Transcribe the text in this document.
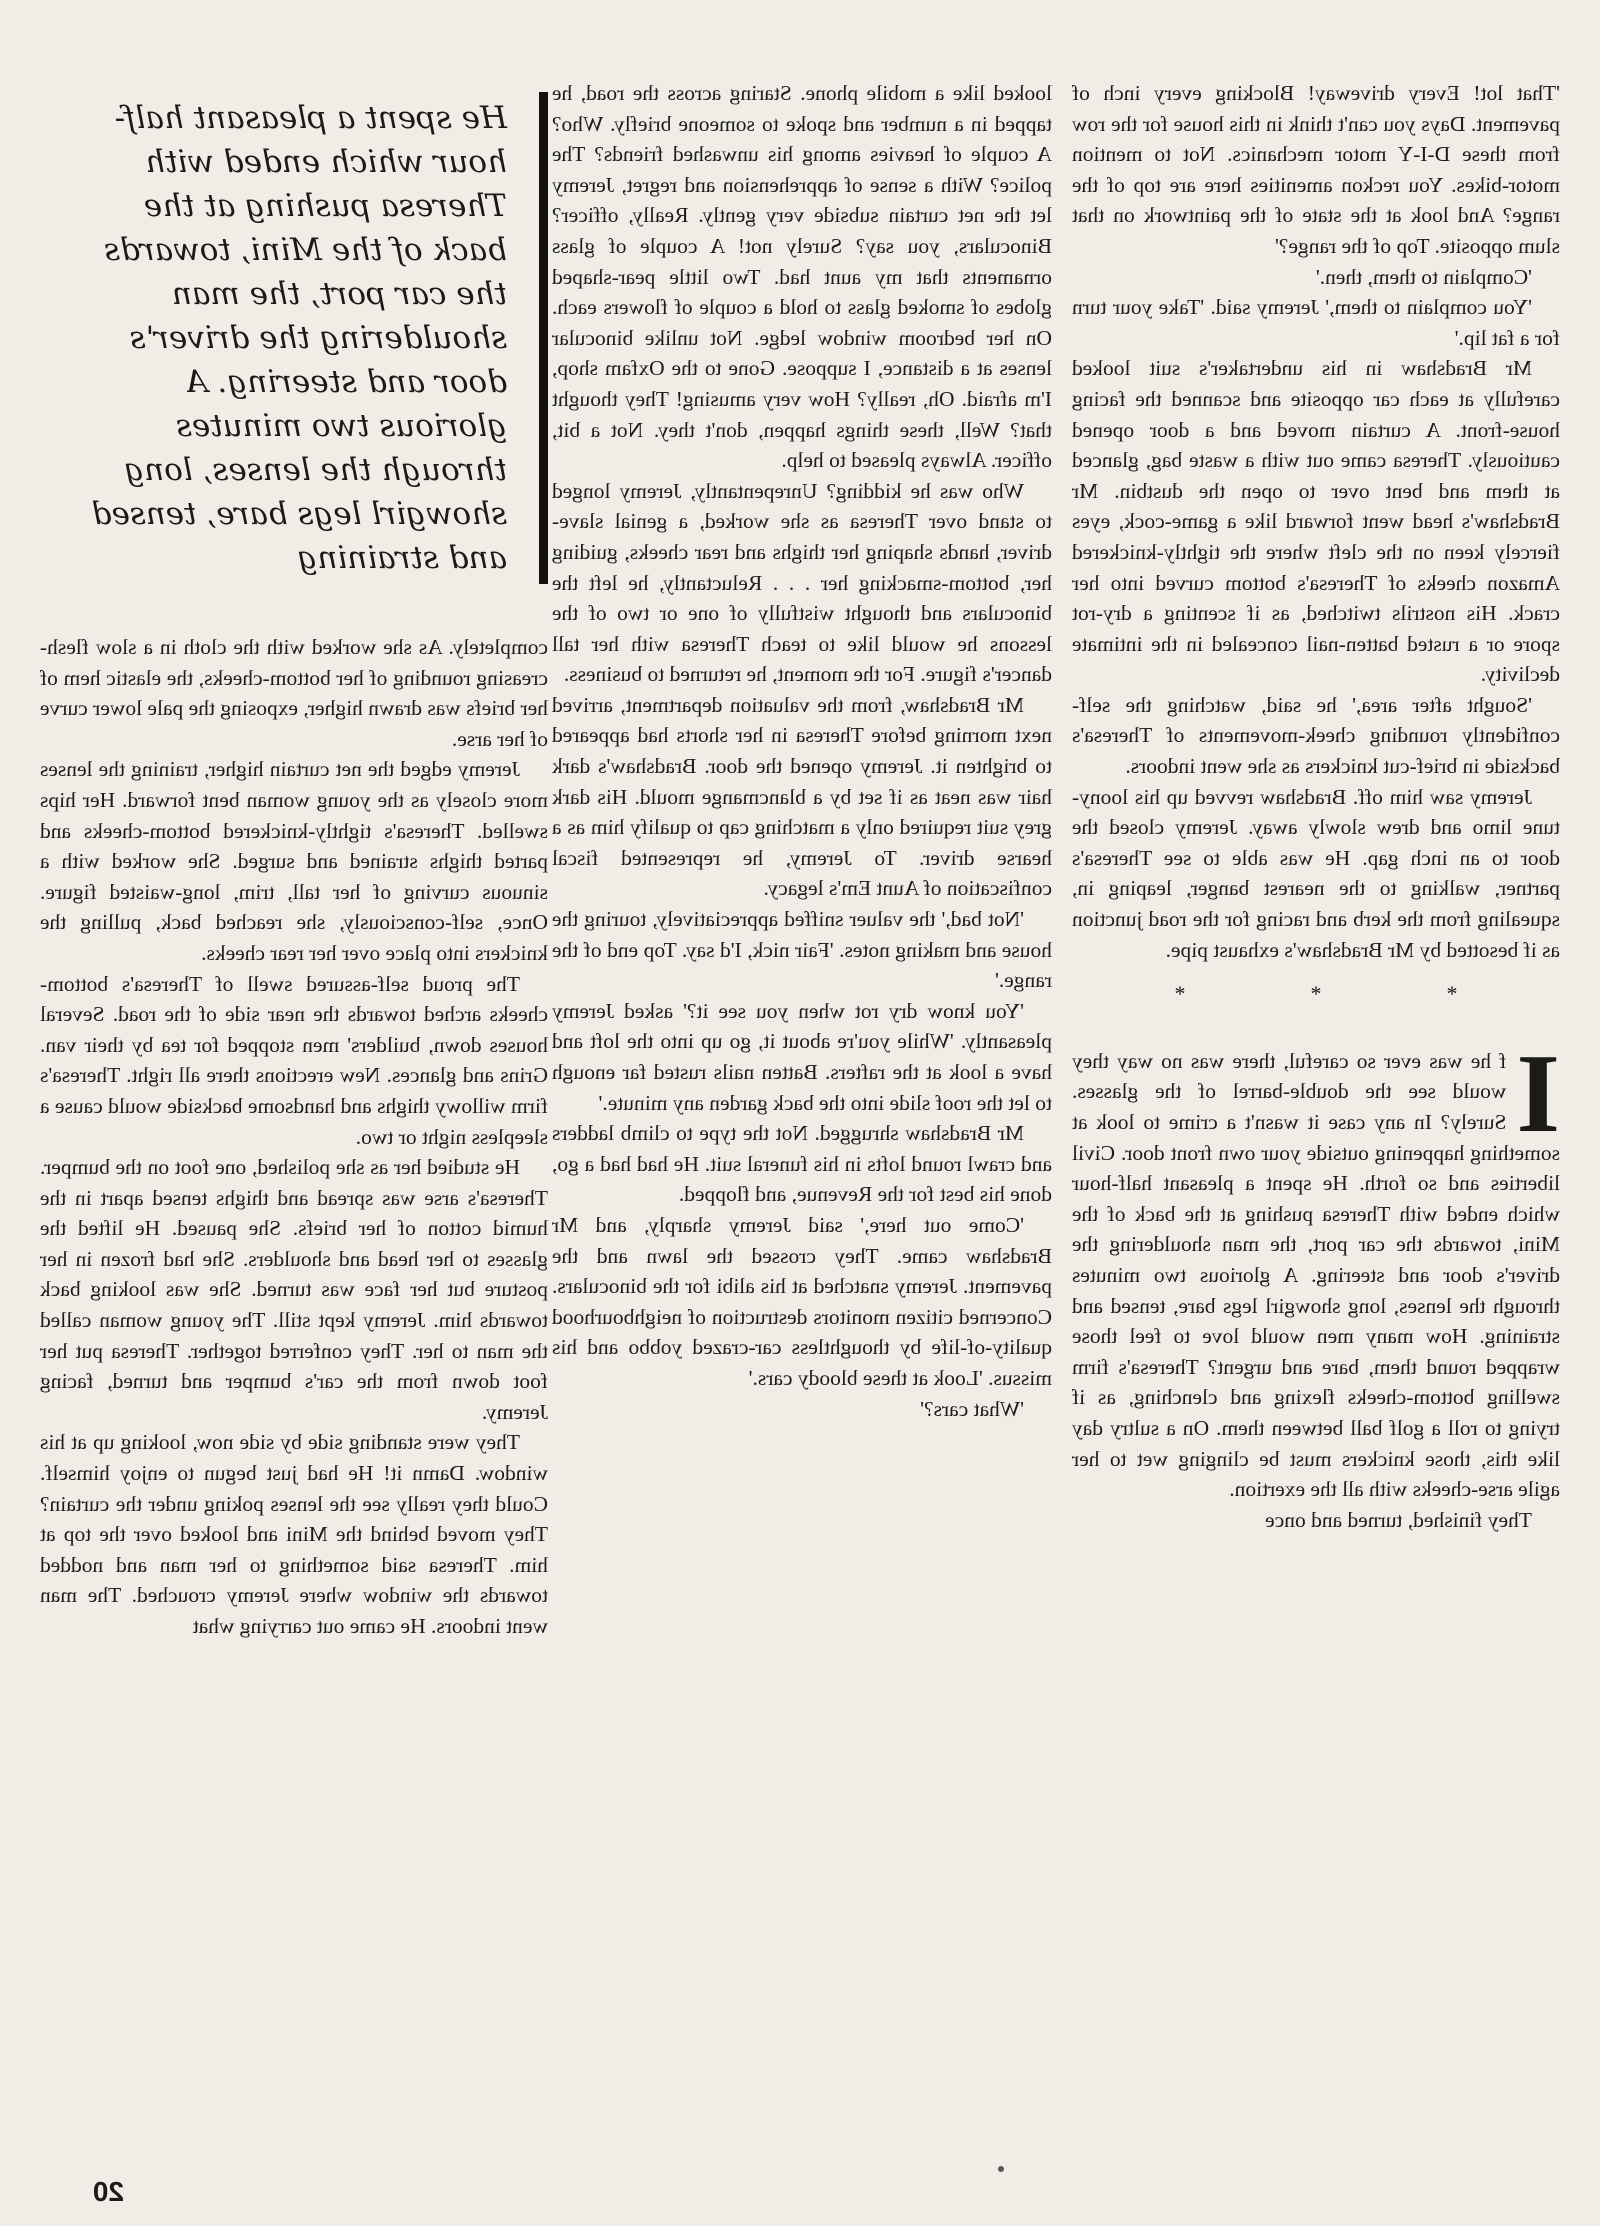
'That lot! Every driveway! Blocking every inch of pavement. Days you can't think in this house for the row from these D-I-Y motor mechanics. Not to mention motor-bikes. You reckon amenities here are top of the range? And look at the state of the paintwork on that slum opposite. Top of the range?'

'Complain to them, then.'

'You complain to them,' Jeremy said. 'Take your turn for a fat lip.'

Mr Bradshaw in his undertaker's suit looked carefully at each car opposite and scanned the facing house-front. A curtain moved and a door opened cautiously. Theresa came out with a waste bag, glanced at them and bent over to open the dustbin. Mr Bradshaw's head went forward like a game-cock, eyes fiercely keen on the cleft where the tightly-knickered Amazon cheeks of Theresa's bottom curved into her crack. His nostrils twitched, as if scenting a dry-rot spore or a rusted batten-nail concealed in the intimate declivity.

'Sought after area,' he said, watching the self-confidently rounding cheek-movements of Theresa's backside in brief-cut knickers as she went indoors.

Jeremy saw him off. Bradshaw revved up his loony-tune limo and drew slowly away. Jeremy closed the door to an inch gap. He was able to see Theresa's partner, walking to the nearest banger, leaping in, squealing from the kerb and racing for the road junction as if besotted by Mr Bradshaw's exhaust pipe.

*
*
*

I
f he was ever so careful, there was no way they would see the double-barrel of the glasses. Surely? In any case it wasn't a crime to look at something happening outside your own front door. Civil liberties and so forth. He spent a pleasant half-hour which ended with Theresa pushing at the back of the Mini, towards the car port, the man shouldering the driver's door and steering. A glorious two minutes through the lenses, long showgirl legs bare, tensed and straining. How many men would love to feel those wrapped round them, bare and urgent? Theresa's firm swelling bottom-cheeks flexing and clenching, as if trying to roll a golf ball between them. On a sultry day like this, those knickers must be clinging wet to her agile arse-cheeks with all the exertion.

They finished, turned and once

looked like a mobile phone. Staring across the road, he tapped in a number and spoke to someone briefly. Who? A couple of heavies among his unwashed friends? The police? With a sense of apprehension and regret, Jeremy let the net curtain subside very gently. Really, officer? Binoculars, you say? Surely not! A couple of glass ornaments that my aunt had. Two little pear-shaped globes of smoked glass to hold a couple of flowers each. On her bedroom window ledge. Not unlike binocular lenses at a distance, I suppose. Gone to the Oxfam shop, I'm afraid. Oh, really? How very amusing! They thought that? Well, these things happen, don't they. Not a bit, officer. Always pleased to help.

Who was he kidding? Unrepentantly, Jeremy longed to stand over Theresa as she worked, a genial slave-driver, hands shaping her thighs and rear cheeks, guiding her, bottom-smacking her . . . Reluctantly, he left the binoculars and thought wistfully of one or two of the lessons he would like to teach Theresa with her tall dancer's figure. For the moment, he returned to business.

Mr Bradshaw, from the valuation department, arrived next morning before Theresa in her shorts had appeared to brighten it. Jeremy opened the door. Bradshaw's dark hair was neat as if set by a blancmange mould. His dark grey suit required only a matching cap to qualify him as a hearse driver. To Jeremy, he represented fiscal confiscation of Aunt Em's legacy.

'Not bad,' the valuer sniffed appreciatively, touring the house and making notes. 'Fair nick, I'd say. Top end of the range.'

'You know dry rot when you see it?' asked Jeremy pleasantly. 'While you're about it, go up into the loft and have a look at the rafters. Batten nails rusted far enough to let the roof slide into the back garden any minute.'

Mr Bradshaw shrugged. Not the type to climb ladders and crawl round lofts in his funeral suit. He had had a go, done his best for the Revenue, and flopped.

'Come out here,' said Jeremy sharply, and Mr Bradshaw came. They crossed the lawn and the pavement. Jeremy snatched at his alibi for the binoculars. Concerned citizen monitors destruction of neighbourhood quality-of-life by thoughtless car-crazed yobbo and his missus. 'Look at these bloody cars.'

'What cars?'

He spent a pleasant half-hour which ended with Theresa pushing at the back of the Mini, towards the car port, the man shouldering the driver's door and steering. A glorious two minutes through the lenses, long showgirl legs bare, tensed and straining

completely. As she worked with the cloth in a slow flesh-creasing rounding of her bottom-cheeks, the elastic hem of her briefs was drawn higher, exposing the pale lower curve of her arse.

Jeremy edged the net curtain higher, training the lenses more closely as the young woman bent forward. Her hips swelled. Theresa's tightly-knickered bottom-cheeks and parted thighs strained and surged. She worked with a sinuous curving of her tall, trim, long-waisted figure. Once, self-consciously, she reached back, pulling the knickers into place over her rear cheeks.

The proud self-assured swell of Theresa's bottom-cheeks arched towards the near side of the road. Several houses down, builders' men stopped for tea by their van. Grins and glances. New erections there all right. Theresa's firm willowy thighs and handsome backside would cause a sleepless night or two.

He studied her as she polished, one foot on the bumper. Theresa's arse was spread and thighs tensed apart in the humid cotton of her briefs. She paused. He lifted the glasses to her head and shoulders. She had frozen in her posture but her face was turned. She was looking back towards him. Jeremy kept still. The young woman called the man to her. They conferred together. Theresa put her foot down from the car's bumper and turned, facing Jeremy.

They were standing side by side now, looking up at his window. Damn it! He had just begun to enjoy himself. Could they really see the lenses poking under the curtain? They moved behind the Mini and looked over the top at him. Theresa said something to her man and nodded towards the window where Jeremy crouched. The man went indoors. He came out carrying what

20
